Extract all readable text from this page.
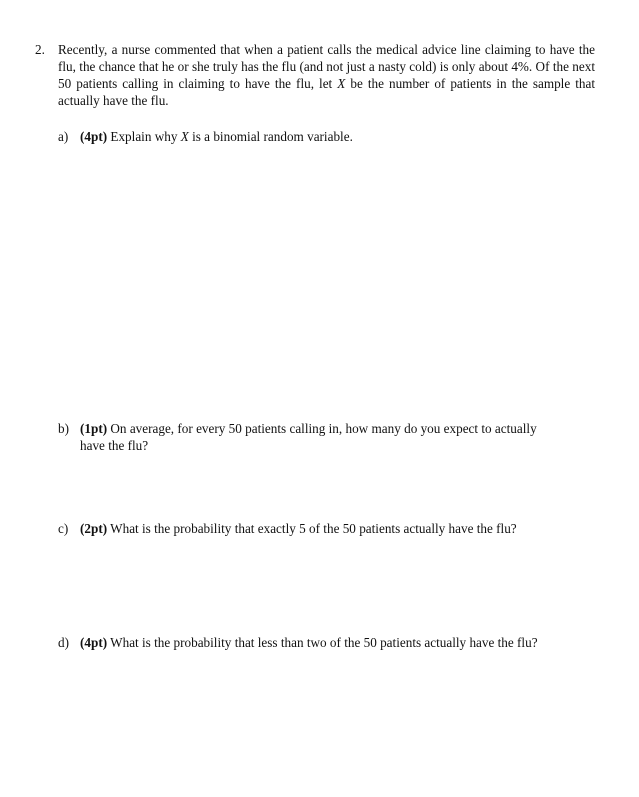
2. Recently, a nurse commented that when a patient calls the medical advice line claiming to have the flu, the chance that he or she truly has the flu (and not just a nasty cold) is only about 4%. Of the next 50 patients calling in claiming to have the flu, let X be the number of patients in the sample that actually have the flu.
a) (4pt) Explain why X is a binomial random variable.
b) (1pt) On average, for every 50 patients calling in, how many do you expect to actually
have the flu?
c) (2pt) What is the probability that exactly 5 of the 50 patients actually have the flu?
d) (4pt) What is the probability that less than two of the 50 patients actually have the flu?
